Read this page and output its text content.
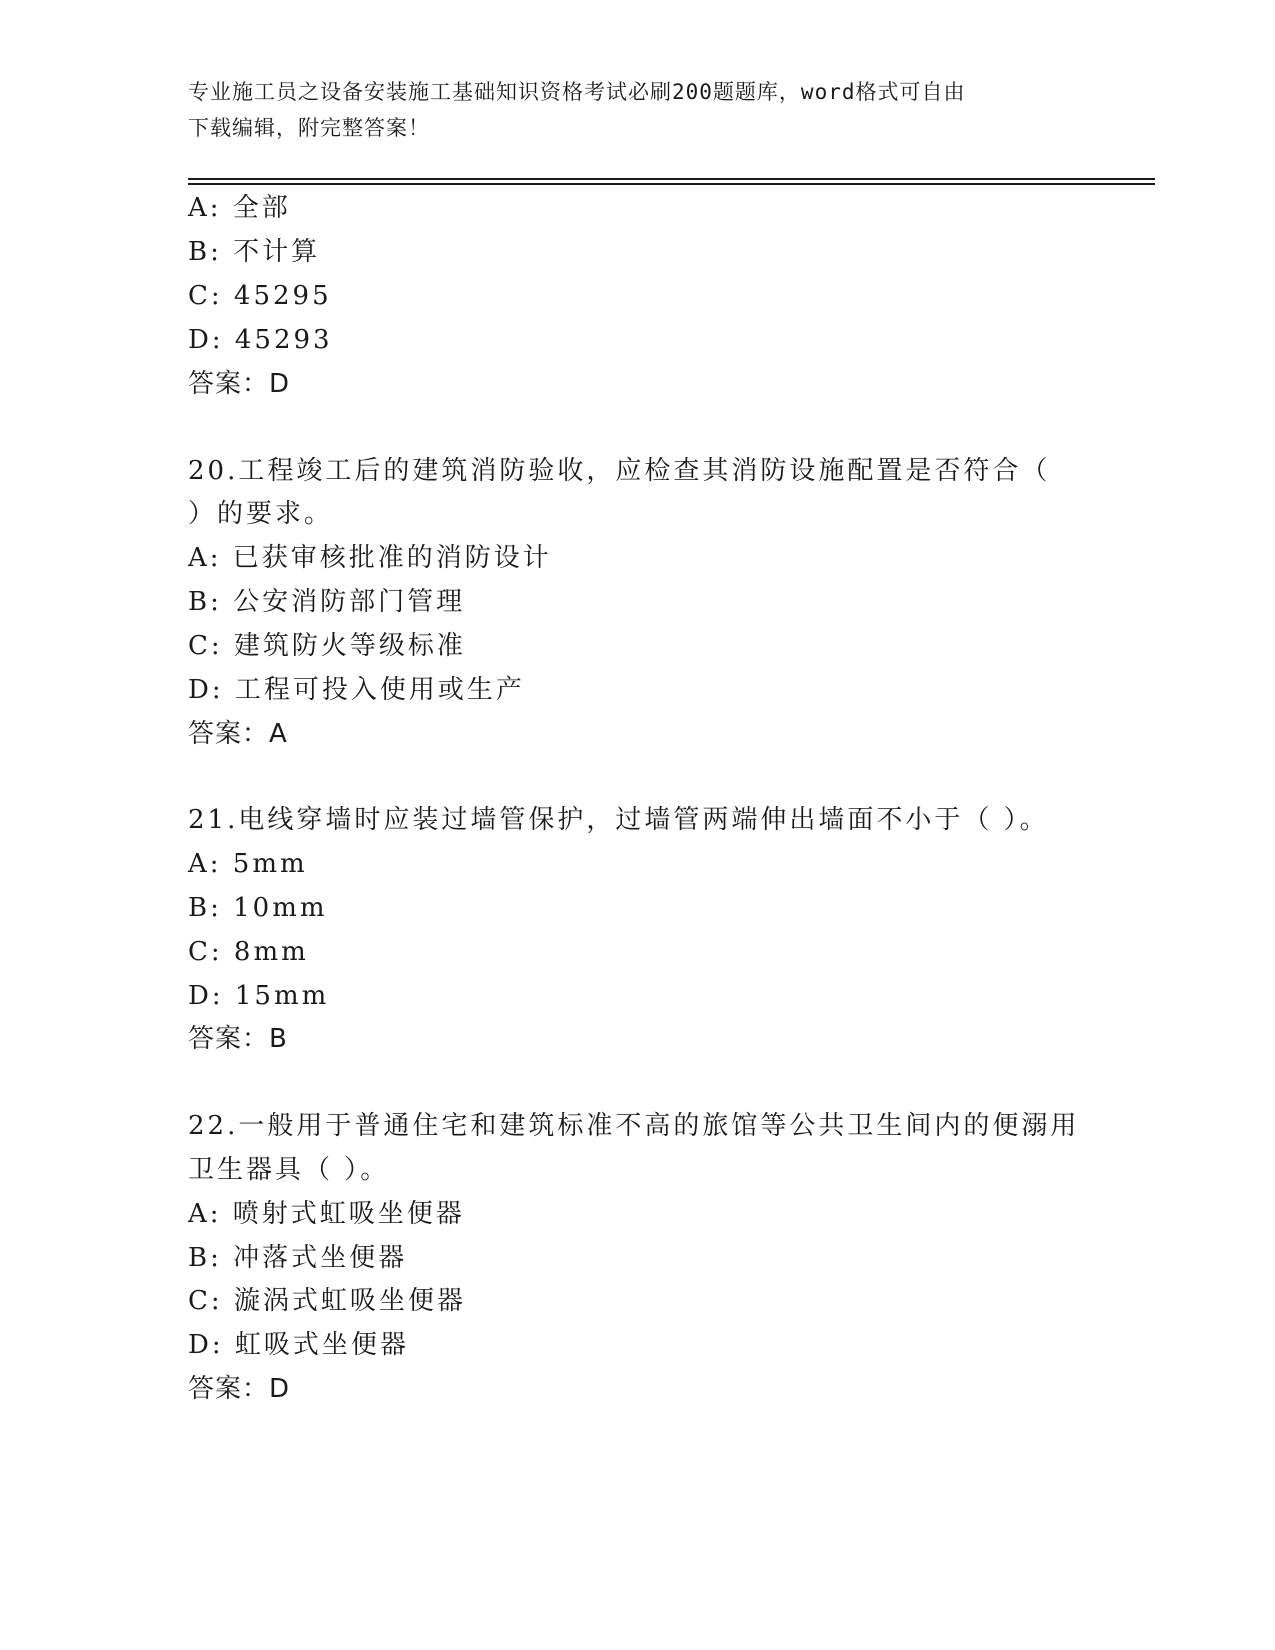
专业施工员之设备安装施工基础知识资格考试必刷200题题库，word格式可自由
下载编辑，附完整答案！
A: 全部
B: 不计算
C: 45295
D: 45293
答案：D
20.工程竣工后的建筑消防验收，应检查其消防设施配置是否符合（
）的要求。
A: 已获审核批准的消防设计
B: 公安消防部门管理
C: 建筑防火等级标准
D: 工程可投入使用或生产
答案：A
21.电线穿墙时应装过墙管保护，过墙管两端伸出墙面不小于（ ）。
A: 5mm
B: 10mm
C: 8mm
D: 15mm
答案：B
22.一般用于普通住宅和建筑标准不高的旅馆等公共卫生间内的便溺用
卫生器具（ ）。
A: 喷射式虹吸坐便器
B: 冲落式坐便器
C: 漩涡式虹吸坐便器
D: 虹吸式坐便器
答案：D
